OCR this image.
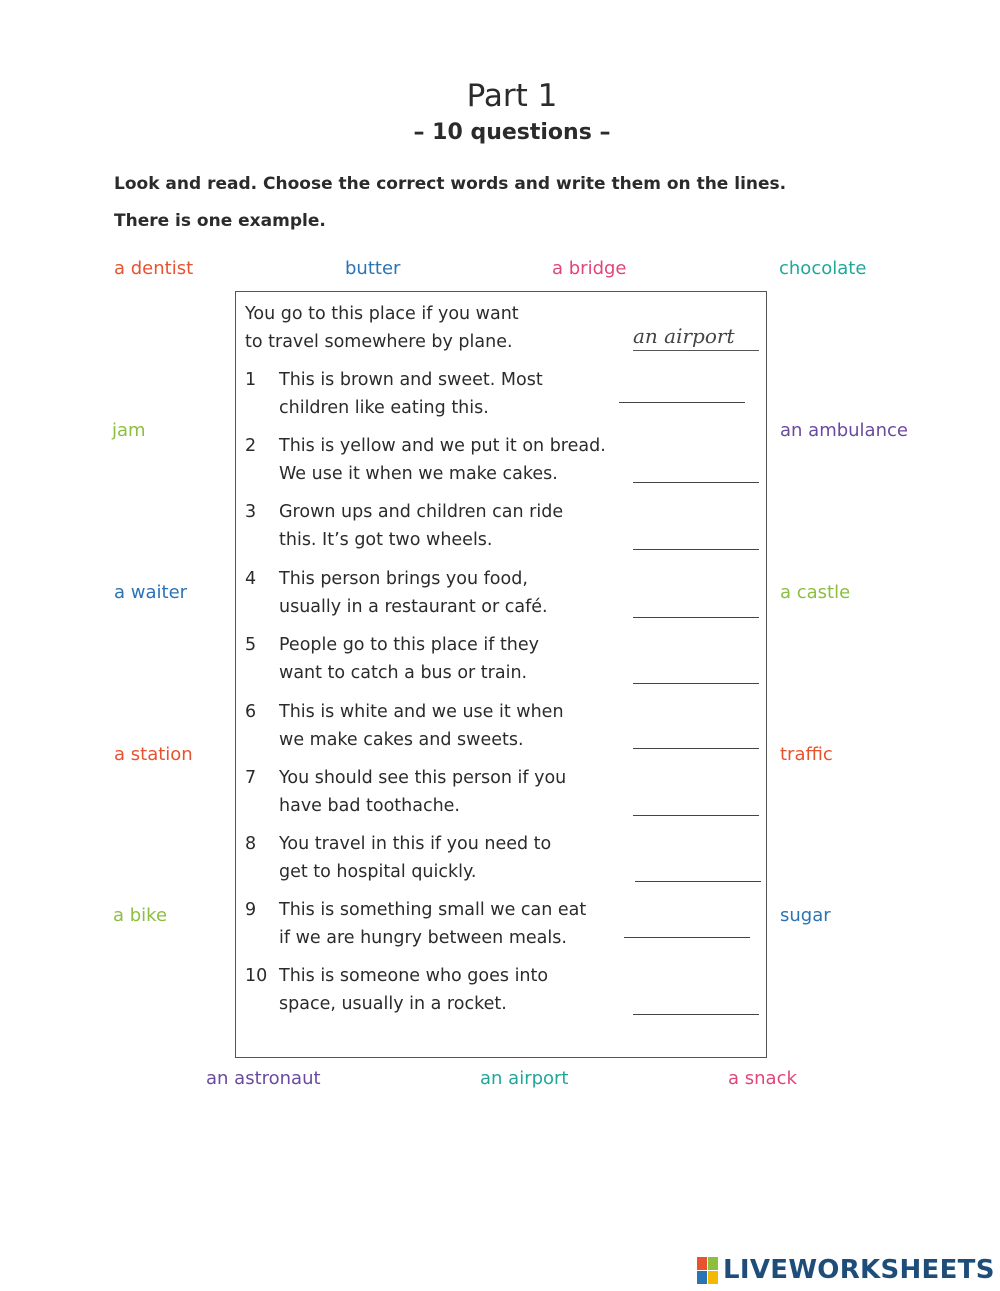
Part 1
– 10 questions –
Look and read. Choose the correct words and write them on the lines.
There is one example.
a dentist	butter	a bridge	chocolate
jam	an ambulance
a waiter	a castle
a station	traffic
a bike	sugar
an astronaut	an airport	a snack
You go to this place if you want
to travel somewhere by plane.	an airport
1 This is brown and sweet. Most
children like eating this.
2 This is yellow and we put it on bread.
We use it when we make cakes.
3 Grown ups and children can ride
this. It’s got two wheels.
4 This person brings you food,
usually in a restaurant or café.
5 People go to this place if they
want to catch a bus or train.
6 This is white and we use it when
we make cakes and sweets.
7 You should see this person if you
have bad toothache.
8 You travel in this if you need to
get to hospital quickly.
9 This is something small we can eat
if we are hungry between meals.
10 This is someone who goes into
space, usually in a rocket.
LIVEWORKSHEETS
